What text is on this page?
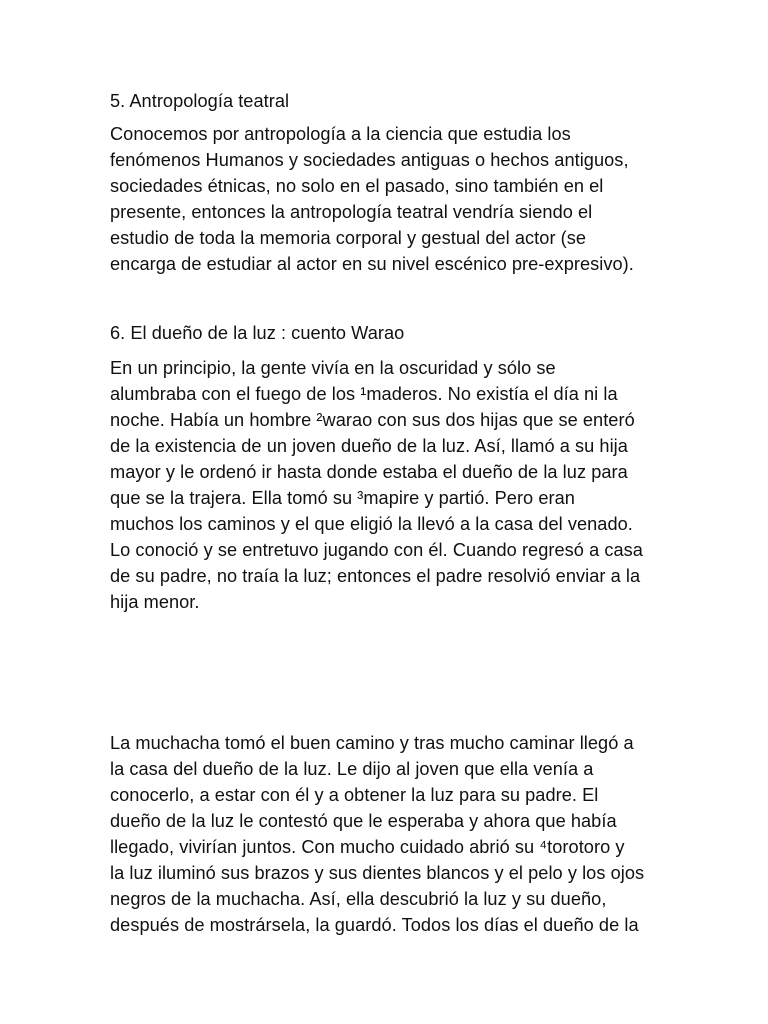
5. Antropología teatral
Conocemos por antropología a la ciencia que estudia los
fenómenos Humanos y sociedades antiguas o hechos antiguos,
sociedades étnicas, no solo en el pasado, sino también en el
presente, entonces la antropología teatral vendría siendo el
estudio de toda la memoria corporal y gestual del actor (se
encarga de estudiar al actor en su nivel escénico pre-expresivo).
6. El dueño de la luz : cuento Warao
En un principio, la gente vivía en la oscuridad y sólo se
alumbraba con el fuego de los ¹maderos. No existía el día ni la
noche. Había un hombre ²warao con sus dos hijas que se enteró
de la existencia de un joven dueño de la luz. Así, llamó a su hija
mayor y le ordenó ir hasta donde estaba el dueño de la luz para
que se la trajera. Ella tomó su ³mapire y partió. Pero eran
muchos los caminos y el que eligió la llevó a la casa del venado.
Lo conoció y se entretuvo jugando con él. Cuando regresó a casa
de su padre, no traía la luz; entonces el padre resolvió enviar a la
hija menor.
La muchacha tomó el buen camino y tras mucho caminar llegó a
la casa del dueño de la luz. Le dijo al joven que ella venía a
conocerlo, a estar con él y a obtener la luz para su padre. El
dueño de la luz le contestó que le esperaba y ahora que había
llegado, vivirían juntos. Con mucho cuidado abrió su ⁴torotoro y
la luz iluminó sus brazos y sus dientes blancos y el pelo y los ojos
negros de la muchacha. Así, ella descubrió la luz y su dueño,
después de mostrársela, la guardó. Todos los días el dueño de la
